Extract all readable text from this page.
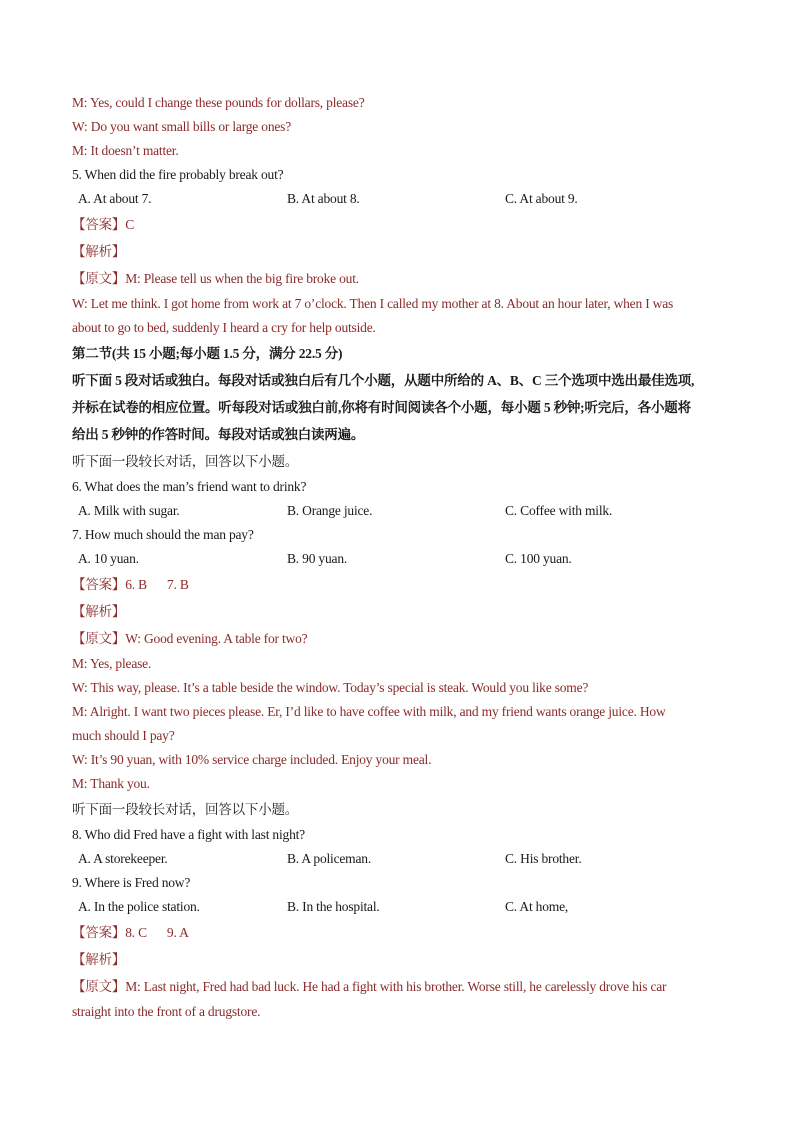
M: Yes, could I change these pounds for dollars, please?
W: Do you want small bills or large ones?
M: It doesn’t matter.
5. When did the fire probably break out?
A. At about 7.	B. At about 8.	C. At about 9.
【答案】C
【解析】
【原文】M: Please tell us when the big fire broke out.
W: Let me think. I got home from work at 7 o’clock. Then I called my mother at 8. About an hour later, when I was
about to go to bed, suddenly I heard a cry for help outside.
第二节(共 15 小题;每小题 1.5 分，满分 22.5 分)
听下面 5 段对话或独白。每段对话或独白后有几个小题，从题中所给的 A、B、C 三个选项中选出最佳选项,
并标在试卷的相应位置。听每段对话或独白前,你将有时间阅读各个小题，每小题 5 秒钟;听完后，各小题将
给出 5 秒钟的作答时间。每段对话或独白读两遍。
听下面一段较长对话，回答以下小题。
6. What does the man’s friend want to drink?
A. Milk with sugar.	B. Orange juice.	C. Coffee with milk.
7. How much should the man pay?
A. 10 yuan.	B. 90 yuan.	C. 100 yuan.
【答案】6. B 7. B
【解析】
【原文】W: Good evening. A table for two?
M: Yes, please.
W: This way, please. It’s a table beside the window. Today’s special is steak. Would you like some?
M: Alright. I want two pieces please. Er, I’d like to have coffee with milk, and my friend wants orange juice. How
much should I pay?
W: It’s 90 yuan, with 10% service charge included. Enjoy your meal.
M: Thank you.
听下面一段较长对话，回答以下小题。
8. Who did Fred have a fight with last night?
A. A storekeeper.	B. A policeman.	C. His brother.
9. Where is Fred now?
A. In the police station.	B. In the hospital.	C. At home,
【答案】8. C 9. A
【解析】
【原文】M: Last night, Fred had bad luck. He had a fight with his brother. Worse still, he carelessly drove his car
straight into the front of a drugstore.
